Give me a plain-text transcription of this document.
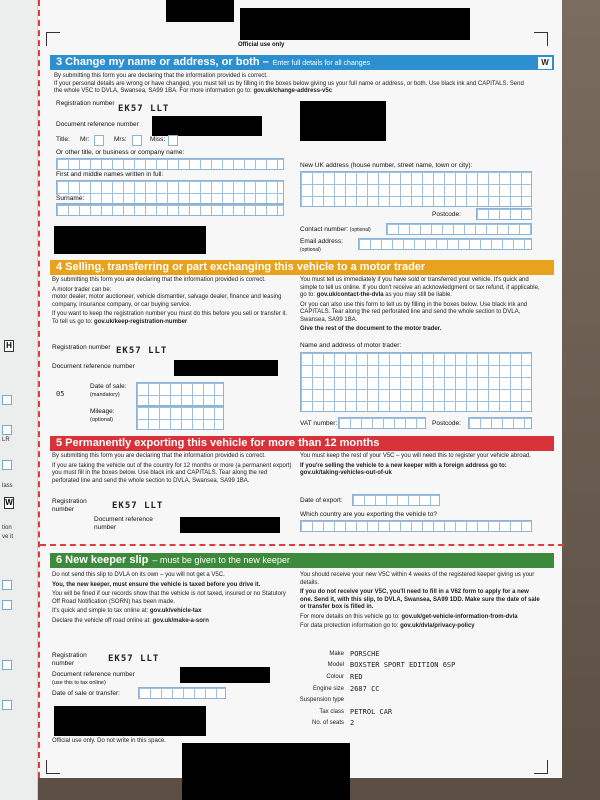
H
LR
lass
W
tion
ve it
Official use only
3 Change my name or address, or both – Enter full details for all changes	W
By submitting this form you are declaring that the information provided is correct.
If your personal details are wrong or have changed, you must tell us by filling in the boxes below giving us your full name or address, or both. Use black ink and CAPITALS. Send the whole V5C to DVLA, Swansea, SA99 1BA. For more information go to: gov.uk/change-address-v5c
Registration number
EK57 LLT
Document reference number
Title: Mr:	Mrs:	Miss:
Or other title, or business or company name:
First and middle names written in full:
Surname:
New UK address (house number, street name, town or city):
Postcode:
Contact number: (optional)
Email address:
(optional)
4 Selling, transferring or part exchanging this vehicle to a motor trader
By submitting this form you are declaring that the information provided is correct.
A motor trader can be:
motor dealer, motor auctioneer, vehicle dismantler, salvage dealer, finance and leasing company, insurance company, or car buying service.
If you want to keep the registration number you must do this before you sell or transfer it. To tell us go to: gov.uk/keep-registration-number
You must tell us immediately if you have sold or transferred your vehicle. It's quick and simple to tell us online. If you don't receive an acknowledgment or tax refund, if applicable, go to: gov.uk/contact-the-dvla as you may still be liable.
Or you can also use this form to tell us by filling in the boxes below. Use black ink and CAPITALS. Tear along the red perforated line and send the whole section to DVLA, Swansea, SA99 1BA.
Give the rest of the document to the motor trader.
Registration number EK57 LLT
Document reference number
Date of sale:
(mandatory)
05
Mileage:
(optional)
Name and address of motor trader:
VAT number:	Postcode:
5 Permanently exporting this vehicle for more than 12 months
By submitting this form you are declaring that the information provided is correct.
If you are taking the vehicle out of the country for 12 months or more (a permanent export) you must fill in the boxes below. Use black ink and CAPITALS. Tear along the red perforated line and send the whole section to DVLA, Swansea, SA99 1BA.
You must keep the rest of your V5C – you will need this to register your vehicle abroad.
If you're selling the vehicle to a new keeper with a foreign address go to:
gov.uk/taking-vehicles-out-of-uk
Registration number	EK57 LLT
Document reference number
Date of export:
Which country are you exporting the vehicle to?
6 New keeper slip – must be given to the new keeper
Do not send this slip to DVLA on its own – you will not get a V5C.
You, the new keeper, must ensure the vehicle is taxed before you drive it.
You will be fined if our records show that the vehicle is not taxed, insured or no Statutory Off Road Notification (SORN) has been made.
It's quick and simple to tax online at: gov.uk/vehicle-tax
Declare the vehicle off road online at: gov.uk/make-a-sorn
You should receive your new V5C within 4 weeks of the registered keeper giving us your details.
If you do not receive your V5C, you'll need to fill in a V62 form to apply for a new one. Send it, with this slip, to DVLA, Swansea, SA99 1DD. Make sure the date of sale or transfer box is filled in.
For more details on this vehicle go to: gov.uk/get-vehicle-information-from-dvla
For data protection information go to: gov.uk/dvla/privacy-policy
Registration number	EK57 LLT
Document reference number
(use this to tax online)
Date of sale or transfer:
Make PORSCHE
Model BOXSTER SPORT EDITION 6SP
Colour RED
Engine size 2687 CC
Suspension type
Tax class PETROL CAR
No. of seats 2
Official use only. Do not write in this space.
